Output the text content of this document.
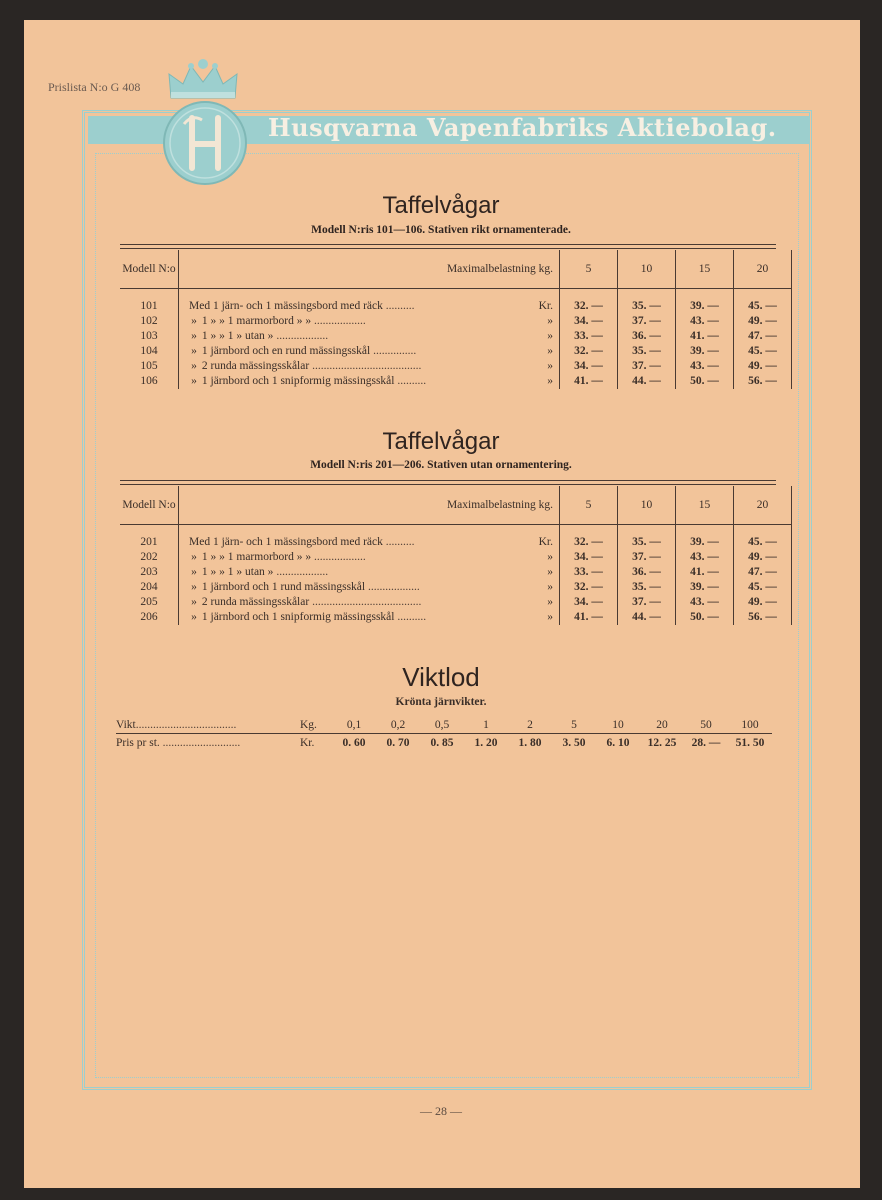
Prislista N:o G 408
Husqvarna Vapenfabriks Aktiebolag.
Taffelvågar
Modell N:ris 101—106. Stativen rikt ornamenterade.
Modell N:o	Maximalbelastning kg.	5	10	15	20
101	Med 1 järn- och 1 mässingsbord med räck .......... Kr.	32. —	35. —	39. —	45. —
102	» 1 » » 1 marmorbord » » .................. »	34. —	37. —	43. —	49. —
103	» 1 » » 1 » utan » .................. »	33. —	36. —	41. —	47. —
104	» 1 järnbord och en rund mässingsskål ............... »	32. —	35. —	39. —	45. —
105	» 2 runda mässingsskålar ...................................... »	34. —	37. —	43. —	49. —
106	» 1 järnbord och 1 snipformig mässingsskål .......... »	41. —	44. —	50. —	56. —
Taffelvågar
Modell N:ris 201—206. Stativen utan ornamentering.
Modell N:o	Maximalbelastning kg.	5	10	15	20
201	Med 1 järn- och 1 mässingsbord med räck .......... Kr.	32. —	35. —	39. —	45. —
202	» 1 » » 1 marmorbord » » .................. »	34. —	37. —	43. —	49. —
203	» 1 » » 1 » utan » .................. »	33. —	36. —	41. —	47. —
204	» 1 järnbord och 1 rund mässingsskål .................. »	32. —	35. —	39. —	45. —
205	» 2 runda mässingsskålar ...................................... »	34. —	37. —	43. —	49. —
206	» 1 järnbord och 1 snipformig mässingsskål .......... »	41. —	44. —	50. —	56. —
Viktlod
Krönta järnvikter.
Vikt...................................	Kg.	0,1	0,2	0,5	1	2	5	10	20	50	100
Pris pr st. ...........................	Kr.	0. 60	0. 70	0. 85	1. 20	1. 80	3. 50	6. 10	12. 25	28. —	51. 50
— 28 —
